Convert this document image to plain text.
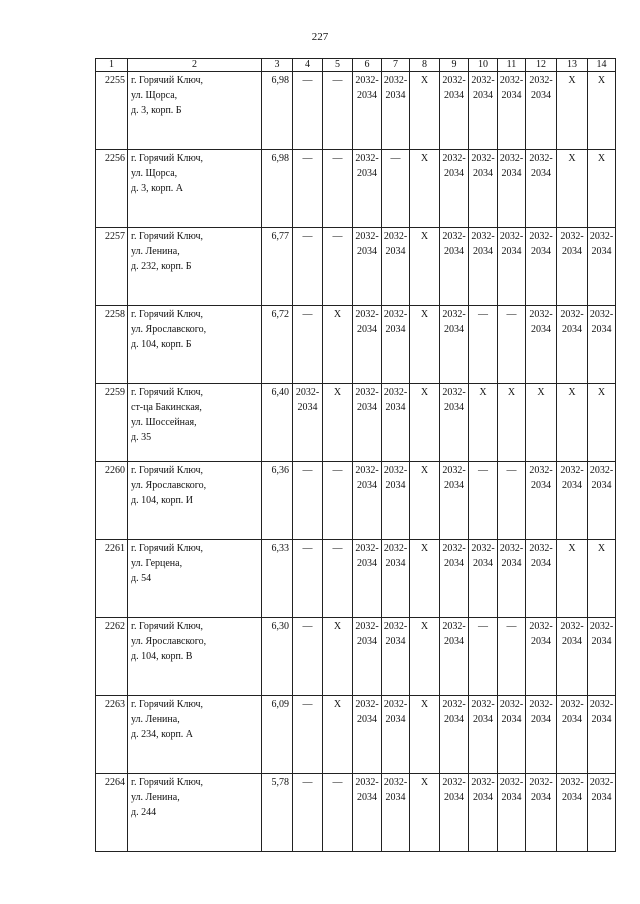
227
1	2	3	4	5	6	7	8	9	10	11	12	13	14
2255	г. Горячий Ключ,
ул. Щорса,
д. 3, корп. Б	6,98	—	—	2032-
2034	2032-
2034	X	2032-
2034	2032-
2034	2032-
2034	2032-
2034	X	X
2256	г. Горячий Ключ,
ул. Щорса,
д. 3, корп. А	6,98	—	—	2032-
2034	—	X	2032-
2034	2032-
2034	2032-
2034	2032-
2034	X	X
2257	г. Горячий Ключ,
ул. Ленина,
д. 232, корп. Б	6,77	—	—	2032-
2034	2032-
2034	X	2032-
2034	2032-
2034	2032-
2034	2032-
2034	2032-
2034	2032-
2034
2258	г. Горячий Ключ,
ул. Ярославского,
д. 104, корп. Б	6,72	—	X	2032-
2034	2032-
2034	X	2032-
2034	—	—	2032-
2034	2032-
2034	2032-
2034
2259	г. Горячий Ключ,
ст-ца Бакинская,
ул. Шоссейная,
д. 35	6,40	2032-
2034	X	2032-
2034	2032-
2034	X	2032-
2034	X	X	X	X	X
2260	г. Горячий Ключ,
ул. Ярославского,
д. 104, корп. И	6,36	—	—	2032-
2034	2032-
2034	X	2032-
2034	—	—	2032-
2034	2032-
2034	2032-
2034
2261	г. Горячий Ключ,
ул. Герцена,
д. 54	6,33	—	—	2032-
2034	2032-
2034	X	2032-
2034	2032-
2034	2032-
2034	2032-
2034	X	X
2262	г. Горячий Ключ,
ул. Ярославского,
д. 104, корп. В	6,30	—	X	2032-
2034	2032-
2034	X	2032-
2034	—	—	2032-
2034	2032-
2034	2032-
2034
2263	г. Горячий Ключ,
ул. Ленина,
д. 234, корп. А	6,09	—	X	2032-
2034	2032-
2034	X	2032-
2034	2032-
2034	2032-
2034	2032-
2034	2032-
2034	2032-
2034
2264	г. Горячий Ключ,
ул. Ленина,
д. 244	5,78	—	—	2032-
2034	2032-
2034	X	2032-
2034	2032-
2034	2032-
2034	2032-
2034	2032-
2034	2032-
2034
